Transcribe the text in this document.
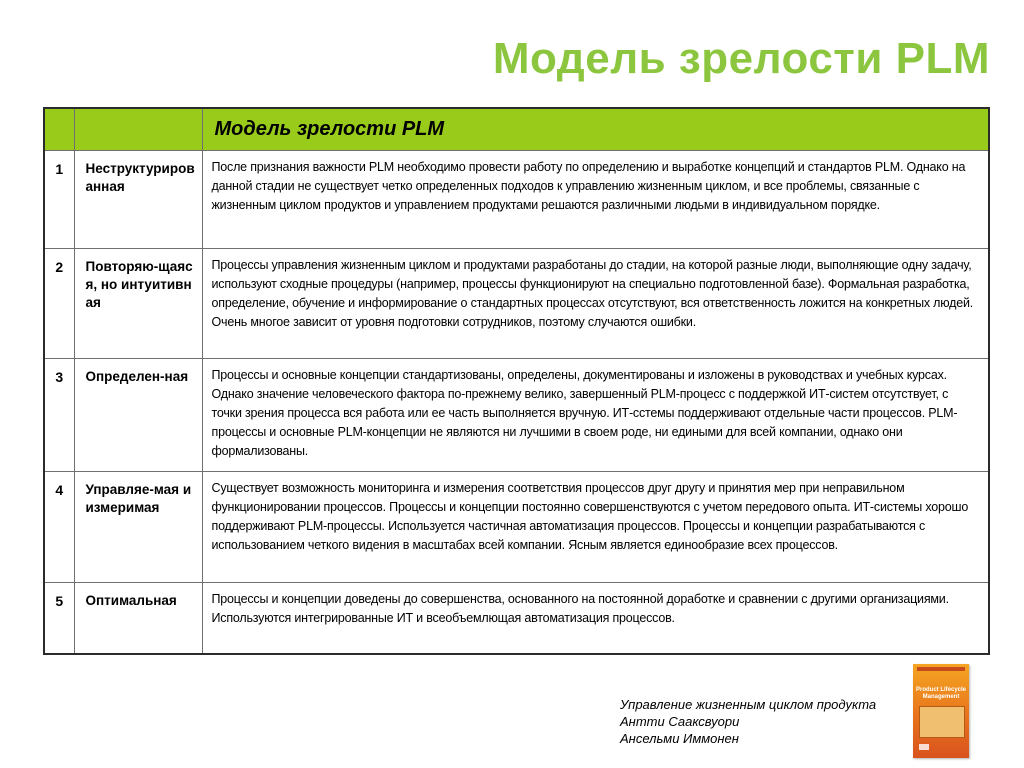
Модель зрелости PLM
		Модель зрелости PLM
1	Неструктурированная	После признания важности PLM необходимо провести работу по определению и выработке концепций и стандартов PLM. Однако на данной стадии не существует четко определенных подходов к управлению жизненным циклом, и все проблемы, связанные с жизненным циклом продуктов и управлением продуктами решаются различными людьми в индивидуальном порядке.
2	Повторяю-щаяся, но интуитивная	Процессы управления жизненным циклом и продуктами разработаны до стадии, на которой разные люди, выполняющие одну задачу, используют сходные процедуры (например, процессы функционируют на специально подготовленной базе). Формальная разработка, определение, обучение и информирование о стандартных процессах отсутствуют, вся ответственность ложится на конкретных людей. Очень многое зависит от уровня подготовки сотрудников, поэтому случаются ошибки.
3	Определен-ная	Процессы и основные концепции стандартизованы, определены, документированы и изложены в руководствах и учебных курсах. Однако значение человеческого фактора по-прежнему велико, завершенный PLM-процесс с поддержкой ИТ-систем отсутствует, с точки зрения процесса вся работа или ее часть выполняется вручную. ИТ-сстемы поддерживают отдельные части процессов. PLM-процессы и основные PLM-концепции не являются ни лучшими в своем роде, ни едиными для всей компании, однако они формализованы.
4	Управляе-мая и измеримая	Существует возможность мониторинга и измерения соответствия процессов друг другу и принятия мер при неправильном функционировании процессов. Процессы и концепции постоянно совершенствуются с учетом передового опыта. ИТ-системы хорошо поддерживают PLM-процессы. Используется частичная автоматизация процессов. Процессы и концепции разрабатываются с использованием четкого видения в масштабах всей компании. Ясным является единообразие всех процессов.
5	Оптимальная	Процессы и концепции доведены до совершенства, основанного на постоянной доработке и сравнении с другими организациями. Используются интегрированные ИТ и всеобъемлющая автоматизация процессов.
Управление жизненным циклом продукта
Антти Сааксвуори
Ансельми Иммонен
Product Lifecycle Management
